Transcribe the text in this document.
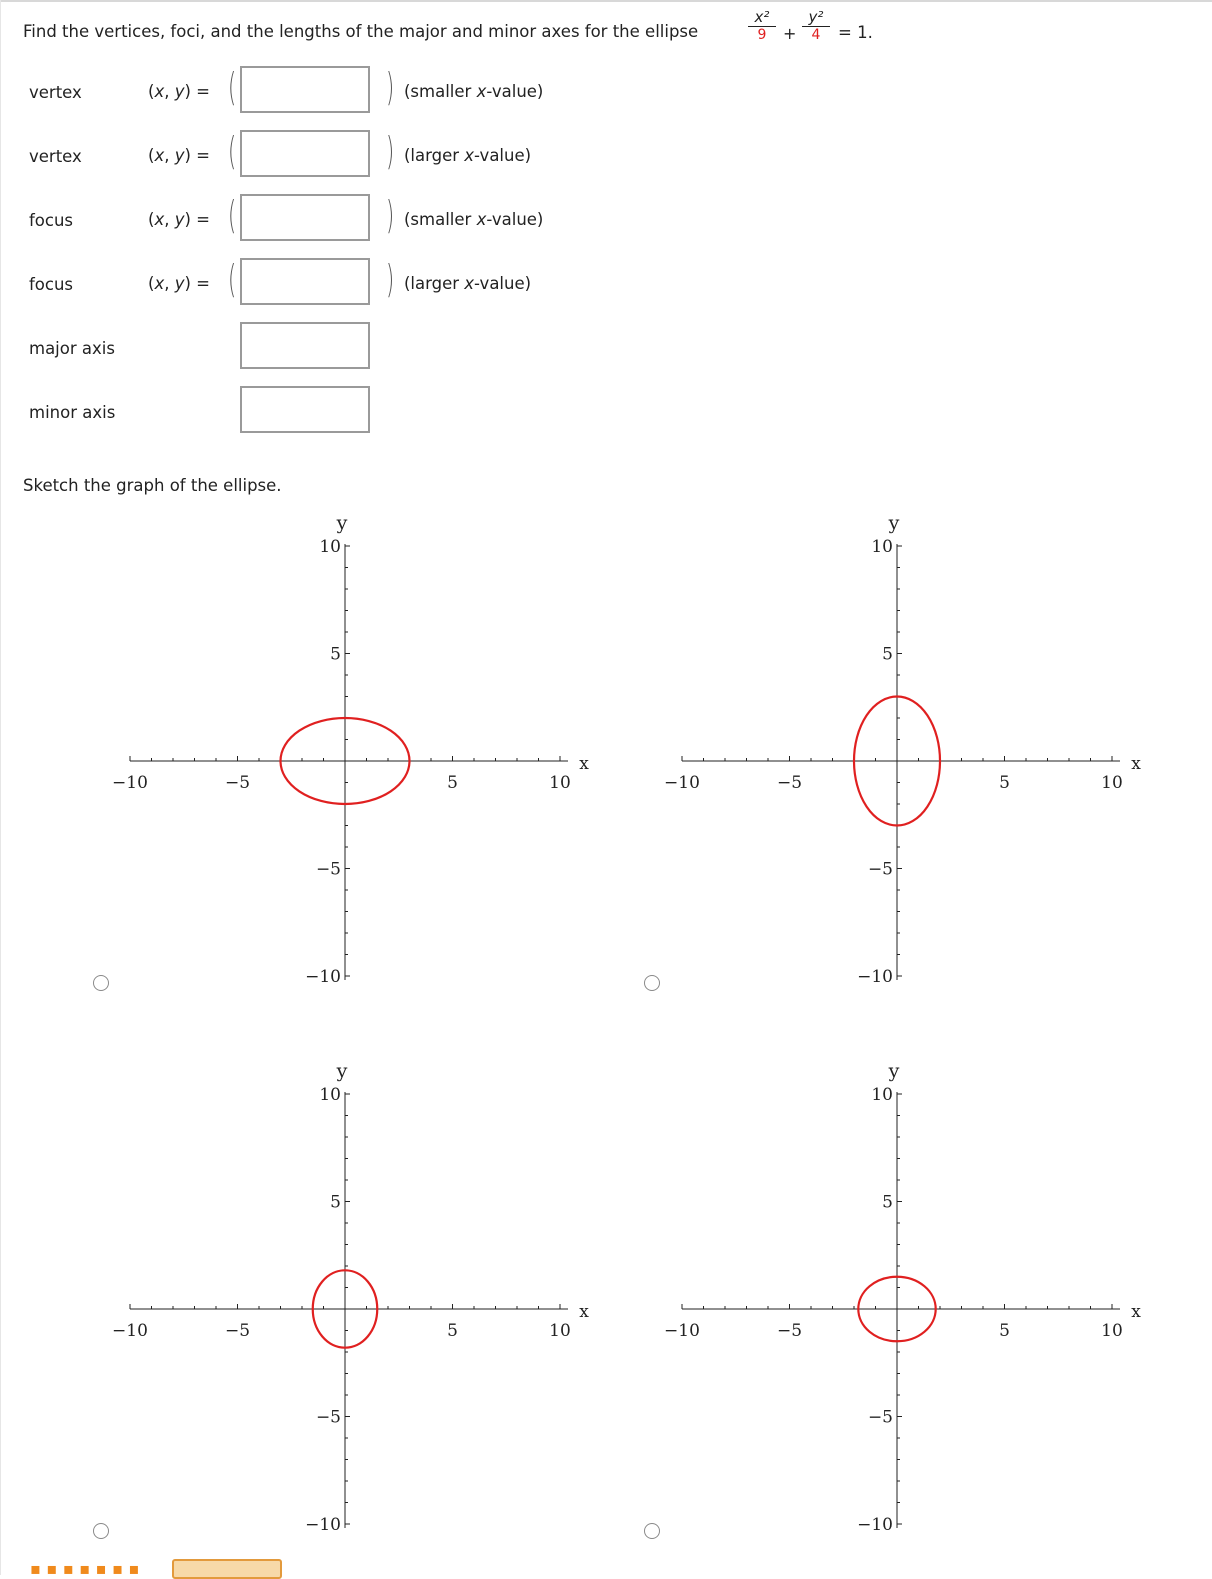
Find the vertices, foci, and the lengths of the major and minor axes for the ellipse
x²
9	+
y²
4	= 1.
vertex	(x, y) = (	) (smaller x-value)
vertex	(x, y) = (	) (larger x-value)
focus	(x, y) = (	) (smaller x-value)
focus	(x, y) = (	) (larger x-value)
major axis
minor axis
Sketch the graph of the ellipse.
−10	−5	5	10
10
5
−5
−10
x
y
−10	−5	5	10
10
5
−5
−10
x
y
−10	−5	5	10
10
5
−5
−10
x
y
−10	−5	5	10
10
5
−5
−10
x
y
▪ ▪ ▪ ▪ ▪ ▪ ▪
